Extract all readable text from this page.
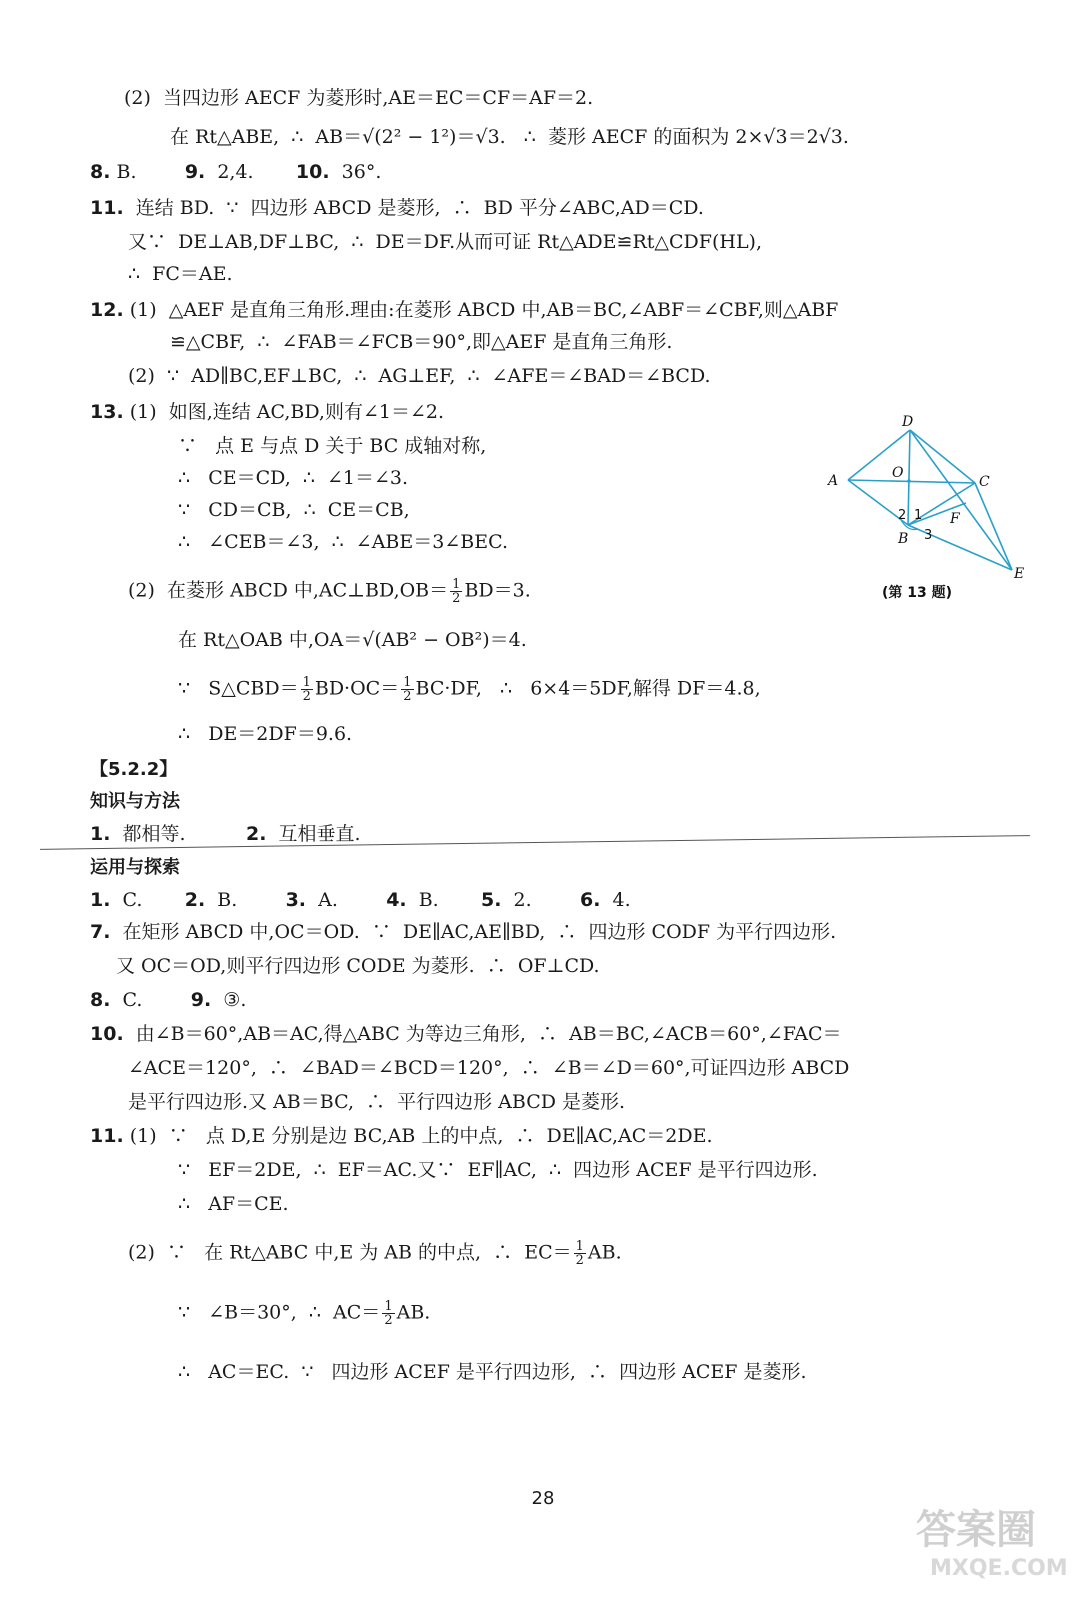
(2)  当四边形 AECF 为菱形时,AE＝EC＝CF＝AF＝2.
在 Rt△ABE,  ∴  AB＝√(2² − 1²)＝√3.   ∴  菱形 AECF 的面积为 2×√3＝2√3.
8. B.        9.  2,4.       10.  36°.
11.  连结 BD.  ∵  四边形 ABCD 是菱形,  ∴  BD 平分∠ABC,AD＝CD.
又∵  DE⊥AB,DF⊥BC,  ∴  DE＝DF.从而可证 Rt△ADE≌Rt△CDF(HL),
∴  FC＝AE.
12. (1)  △AEF 是直角三角形.理由:在菱形 ABCD 中,AB＝BC,∠ABF＝∠CBF,则△ABF
≌△CBF,  ∴  ∠FAB＝∠FCB＝90°,即△AEF 是直角三角形.
(2)  ∵  AD∥BC,EF⊥BC,  ∴  AG⊥EF,  ∴  ∠AFE＝∠BAD＝∠BCD.
13. (1)  如图,连结 AC,BD,则有∠1＝∠2.
∵   点 E 与点 D 关于 BC 成轴对称,
∴   CE＝CD,  ∴  ∠1＝∠3.
∵   CD＝CB,  ∴  CE＝CB,
∴   ∠CEB＝∠3,  ∴  ∠ABE＝3∠BEC.
(2)  在菱形 ABCD 中,AC⊥BD,OB＝ $\frac{1}{2} BD=3$.
在 Rt△OAB 中,OA＝√(AB² − OB²)＝4.
∵   S△CBD＝ $\frac{1}{2} BD\cdot OC= \frac{1}{2} BC\cdot DF$,   ∴   6×4＝5DF,解得 DF＝4.8,
∴   DE＝2DF＝9.6.
【5.2.2】
知识与方法
1.  都相等.          2.  互相垂直.
运用与探索
1.  C.       2.  B.        3.  A.        4.  B.       5.  2.        6.  4.
7.  在矩形 ABCD 中,OC＝OD.  ∵  DE∥AC,AE∥BD,  ∴  四边形 CODF 为平行四边形.
又 OC＝OD,则平行四边形 CODE 为菱形.  ∴  OF⊥CD.
8.  C.        9.  ③.
10.  由∠B＝60°,AB＝AC,得△ABC 为等边三角形,  ∴  AB＝BC,∠ACB＝60°,∠FAC＝
∠ACE＝120°,  ∴  ∠BAD＝∠BCD＝120°,  ∴  ∠B＝∠D＝60°,可证四边形 ABCD
是平行四边形.又 AB＝BC,  ∴  平行四边形 ABCD 是菱形.
11. (1)  ∵   点 D,E 分别是边 BC,AB 上的中点,  ∴  DE∥AC,AC＝2DE.
∵   EF＝2DE,  ∴  EF＝AC.又∵  EF∥AC,  ∴  四边形 ACEF 是平行四边形.
∴   AF＝CE.
(2)  ∵   在 Rt△ABC 中,E 为 AB 的中点,  ∴  $EC= \frac{1}{2}$ AB.
∵   ∠B＝30°,  ∴  $AC= \frac{1}{2}$ AB.
∴   AC＝EC.  ∵   四边形 ACEF 是平行四边形,  ∴  四边形 ACEF 是菱形.
D
A	C
O
F
B
E
2 1
3
(第 13 题)
28
答案圈
MXQE.COM
